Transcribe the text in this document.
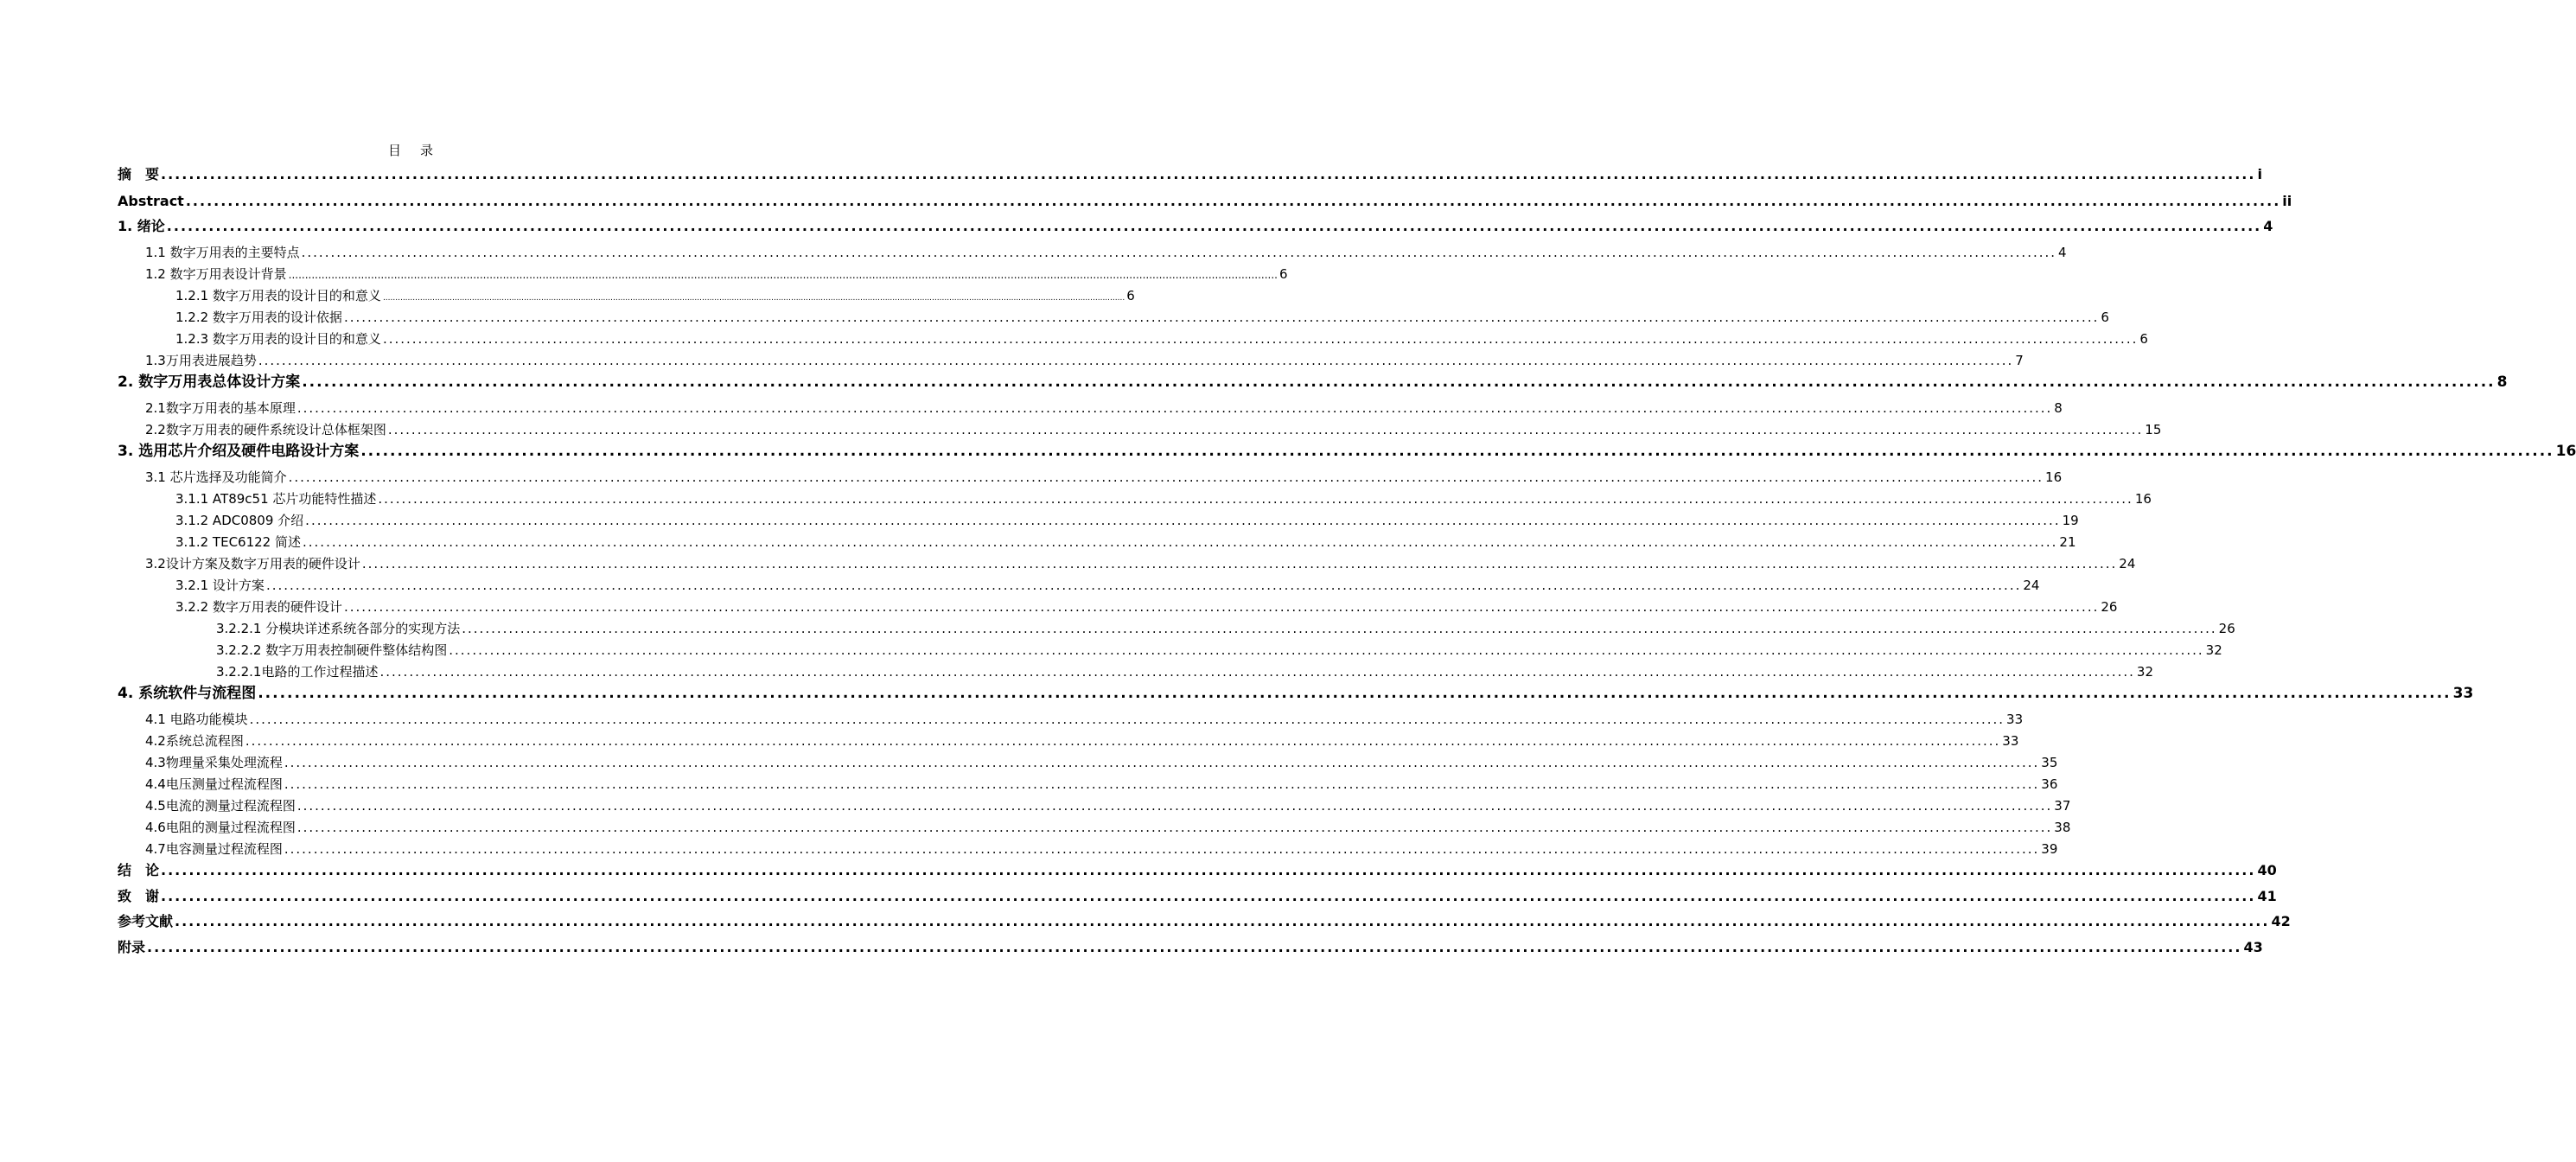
目录
摘　要 ............................................................................................................................................................................................................................................................................................................ i
Abstract ............................................................................................................................................................................................................................................................................................................ ii
1. 绪论 ............................................................................................................................................................................................................................................................................................................ 4
1.1 数字万用表的主要特点 ............................................................................................................................................................................................................................................................................................................ 4
1.2 数字万用表设计背景 ............................................................................................................................................................................................................................................................................................................ 6
1.2.1 数字万用表的设计目的和意义 ............................................................................................................................................................................................................................................................................................................ 6
1.2.2 数字万用表的设计依据 ............................................................................................................................................................................................................................................................................................................ 6
1.2.3 数字万用表的设计目的和意义 ............................................................................................................................................................................................................................................................................................................ 6
1.3万用表进展趋势 ............................................................................................................................................................................................................................................................................................................ 7
2. 数字万用表总体设计方案 ............................................................................................................................................................................................................................................................................................................ 8
2.1数字万用表的基本原理 ............................................................................................................................................................................................................................................................................................................ 8
2.2数字万用表的硬件系统设计总体框架图 ............................................................................................................................................................................................................................................................................................................ 15
3. 选用芯片介绍及硬件电路设计方案 ............................................................................................................................................................................................................................................................................................................ 16
3.1 芯片选择及功能简介 ............................................................................................................................................................................................................................................................................................................ 16
3.1.1 AT89c51 芯片功能特性描述 ............................................................................................................................................................................................................................................................................................................ 16
3.1.2 ADC0809 介绍 ............................................................................................................................................................................................................................................................................................................ 19
3.1.2 TEC6122 简述 ............................................................................................................................................................................................................................................................................................................ 21
3.2设计方案及数字万用表的硬件设计 ............................................................................................................................................................................................................................................................................................................ 24
3.2.1 设计方案 ............................................................................................................................................................................................................................................................................................................ 24
3.2.2 数字万用表的硬件设计 ............................................................................................................................................................................................................................................................................................................ 26
3.2.2.1 分模块详述系统各部分的实现方法 ............................................................................................................................................................................................................................................................................................................ 26
3.2.2.2 数字万用表控制硬件整体结构图 ............................................................................................................................................................................................................................................................................................................ 32
3.2.2.1电路的工作过程描述 ............................................................................................................................................................................................................................................................................................................ 32
4. 系统软件与流程图 ............................................................................................................................................................................................................................................................................................................ 33
4.1 电路功能模块 ............................................................................................................................................................................................................................................................................................................ 33
4.2系统总流程图 ............................................................................................................................................................................................................................................................................................................ 33
4.3物理量采集处理流程 ............................................................................................................................................................................................................................................................................................................ 35
4.4电压测量过程流程图 ............................................................................................................................................................................................................................................................................................................ 36
4.5电流的测量过程流程图 ............................................................................................................................................................................................................................................................................................................ 37
4.6电阻的测量过程流程图 ............................................................................................................................................................................................................................................................................................................ 38
4.7电容测量过程流程图 ............................................................................................................................................................................................................................................................................................................ 39
结　论 ............................................................................................................................................................................................................................................................................................................ 40
致　谢 ............................................................................................................................................................................................................................................................................................................ 41
参考文献 ............................................................................................................................................................................................................................................................................................................ 42
附录 ............................................................................................................................................................................................................................................................................................................ 43
